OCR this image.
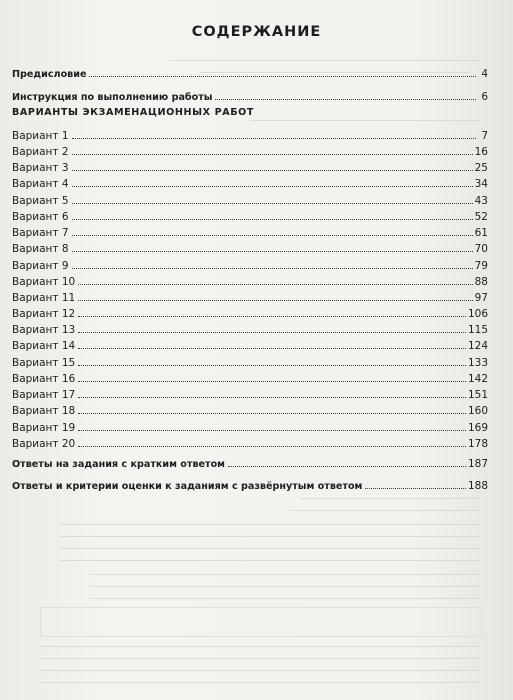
СОДЕРЖАНИЕ
Предисловие	4
Инструкция по выполнению работы	6
ВАРИАНТЫ ЭКЗАМЕНАЦИОННЫХ РАБОТ
Вариант 1	7
Вариант 2	16
Вариант 3	25
Вариант 4	34
Вариант 5	43
Вариант 6	52
Вариант 7	61
Вариант 8	70
Вариант 9	79
Вариант 10	88
Вариант 11	97
Вариант 12	106
Вариант 13	115
Вариант 14	124
Вариант 15	133
Вариант 16	142
Вариант 17	151
Вариант 18	160
Вариант 19	169
Вариант 20	178
Ответы на задания с кратким ответом	187
Ответы и критерии оценки к заданиям с развёрнутым ответом	188
